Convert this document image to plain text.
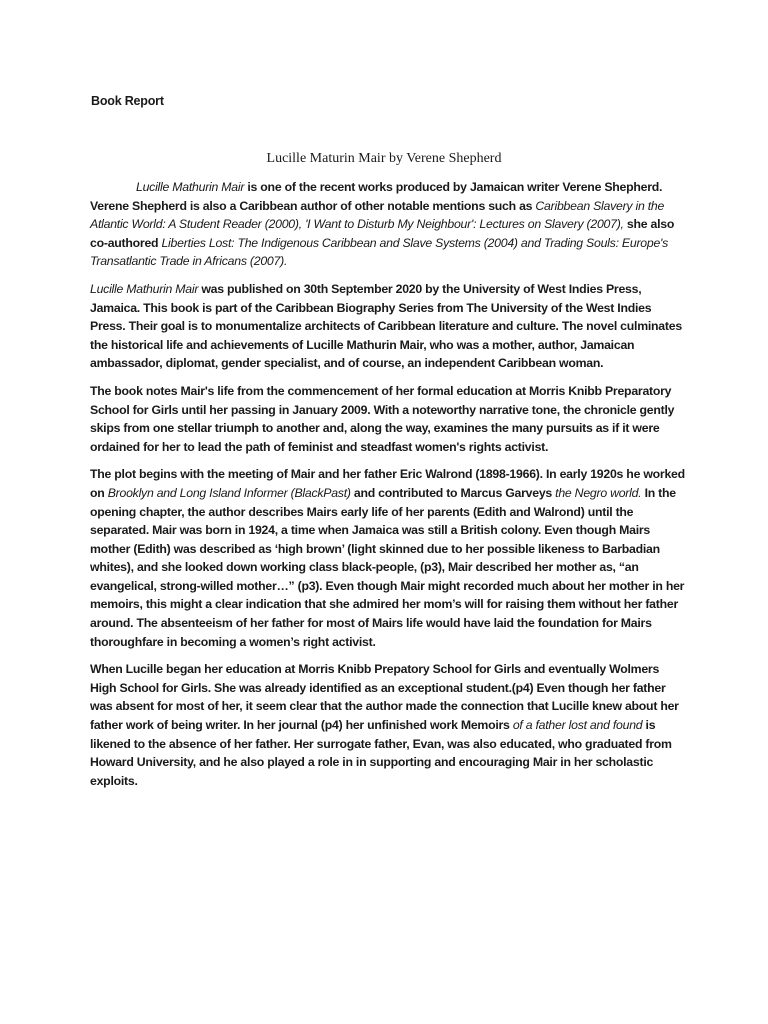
Book Report
Lucille Maturin Mair by Verene Shepherd

Lucille Mathurin Mair is one of the recent works produced by Jamaican writer Verene Shepherd. Verene Shepherd is also a Caribbean author of other notable mentions such as Caribbean Slavery in the Atlantic World: A Student Reader (2000), 'I Want to Disturb My Neighbour': Lectures on Slavery (2007), she also co-authored Liberties Lost: The Indigenous Caribbean and Slave Systems (2004) and Trading Souls: Europe's Transatlantic Trade in Africans (2007).

Lucille Mathurin Mair was published on 30th September 2020 by the University of West Indies Press, Jamaica. This book is part of the Caribbean Biography Series from The University of the West Indies Press. Their goal is to monumentalize architects of Caribbean literature and culture. The novel culminates the historical life and achievements of Lucille Mathurin Mair, who was a mother, author, Jamaican ambassador, diplomat, gender specialist, and of course, an independent Caribbean woman.

The book notes Mair's life from the commencement of her formal education at Morris Knibb Preparatory School for Girls until her passing in January 2009. With a noteworthy narrative tone, the chronicle gently skips from one stellar triumph to another and, along the way, examines the many pursuits as if it were ordained for her to lead the path of feminist and steadfast women's rights activist.

The plot begins with the meeting of Mair and her father Eric Walrond (1898-1966). In early 1920s he worked on Brooklyn and Long Island Informer (BlackPast) and contributed to Marcus Garveys the Negro world. In the opening chapter, the author describes Mairs early life of her parents (Edith and Walrond) until the separated. Mair was born in 1924, a time when Jamaica was still a British colony. Even though Mairs mother (Edith) was described as ‘high brown’ (light skinned due to her possible likeness to Barbadian whites), and she looked down working class black-people, (p3), Mair described her mother as, “an evangelical, strong-willed mother…” (p3). Even though Mair might recorded much about her mother in her memoirs, this might a clear indication that she admired her mom’s will for raising them without her father around. The absenteeism of her father for most of Mairs life would have laid the foundation for Mairs thoroughfare in becoming a women’s right activist.

When Lucille began her education at Morris Knibb Prepatory School for Girls and eventually Wolmers High School for Girls. She was already identified as an exceptional student.(p4) Even though her father was absent for most of her, it seem clear that the author made the connection that Lucille knew about her father work of being writer. In her journal (p4) her unfinished work Memoirs of a father lost and found is likened to the absence of her father. Her surrogate father, Evan, was also educated, who graduated from Howard University, and he also played a role in in supporting and encouraging Mair in her scholastic exploits.
